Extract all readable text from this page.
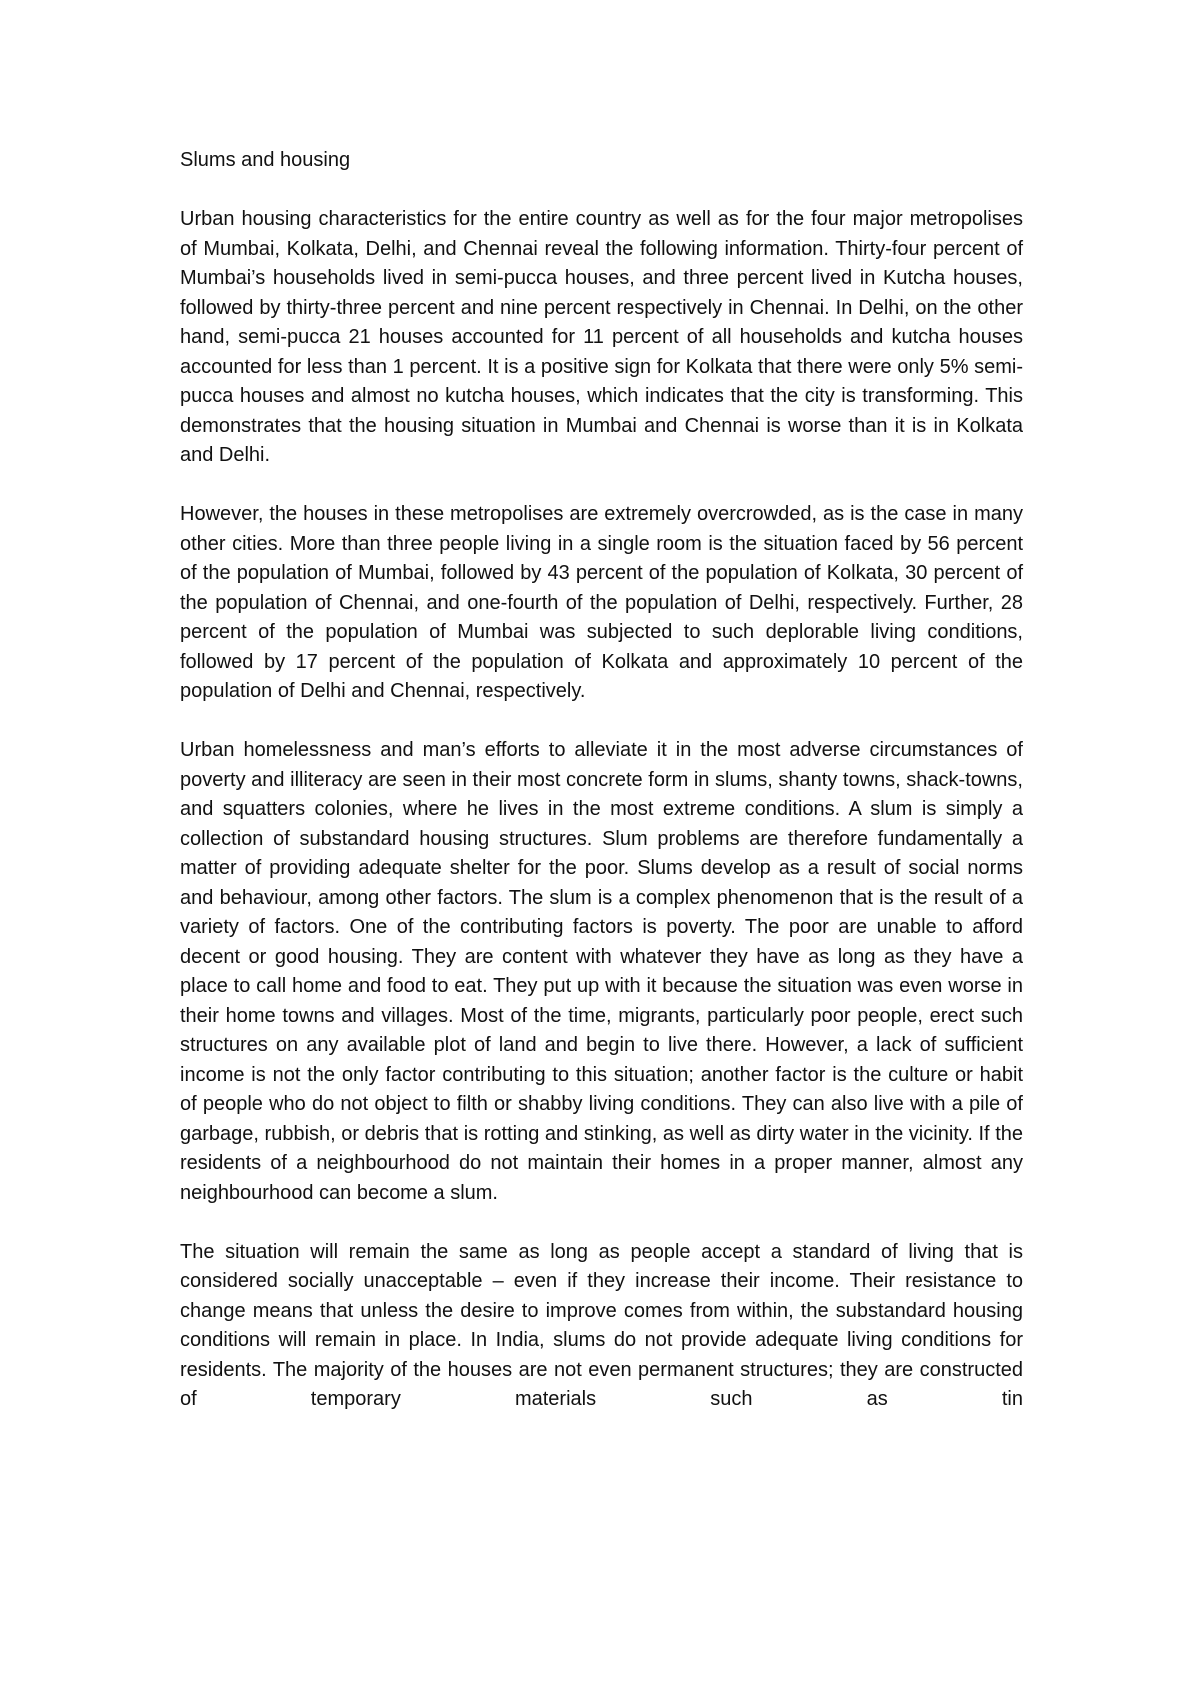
Slums and housing

Urban housing characteristics for the entire country as well as for the four major metropolises of Mumbai, Kolkata, Delhi, and Chennai reveal the following information. Thirty-four percent of Mumbai’s households lived in semi-pucca houses, and three percent lived in Kutcha houses, followed by thirty-three percent and nine percent respectively in Chennai. In Delhi, on the other hand, semi-pucca 21 houses accounted for 11 percent of all households and kutcha houses accounted for less than 1 percent. It is a positive sign for Kolkata that there were only 5% semi-pucca houses and almost no kutcha houses, which indicates that the city is transforming. This demonstrates that the housing situation in Mumbai and Chennai is worse than it is in Kolkata and Delhi.

However, the houses in these metropolises are extremely overcrowded, as is the case in many other cities. More than three people living in a single room is the situation faced by 56 percent of the population of Mumbai, followed by 43 percent of the population of Kolkata, 30 percent of the population of Chennai, and one-fourth of the population of Delhi, respectively. Further, 28 percent of the population of Mumbai was subjected to such deplorable living conditions, followed by 17 percent of the population of Kolkata and approximately 10 percent of the population of Delhi and Chennai, respectively.

Urban homelessness and man’s efforts to alleviate it in the most adverse circumstances of poverty and illiteracy are seen in their most concrete form in slums, shanty towns, shack-towns, and squatters colonies, where he lives in the most extreme conditions. A slum is simply a collection of substandard housing structures. Slum problems are therefore fundamentally a matter of providing adequate shelter for the poor. Slums develop as a result of social norms and behaviour, among other factors. The slum is a complex phenomenon that is the result of a variety of factors. One of the contributing factors is poverty. The poor are unable to afford decent or good housing. They are content with whatever they have as long as they have a place to call home and food to eat. They put up with it because the situation was even worse in their home towns and villages. Most of the time, migrants, particularly poor people, erect such structures on any available plot of land and begin to live there. However, a lack of sufficient income is not the only factor contributing to this situation; another factor is the culture or habit of people who do not object to filth or shabby living conditions. They can also live with a pile of garbage, rubbish, or debris that is rotting and stinking, as well as dirty water in the vicinity. If the residents of a neighbourhood do not maintain their homes in a proper manner, almost any neighbourhood can become a slum.

The situation will remain the same as long as people accept a standard of living that is considered socially unacceptable – even if they increase their income. Their resistance to change means that unless the desire to improve comes from within, the substandard housing conditions will remain in place. In India, slums do not provide adequate living conditions for residents. The majority of the houses are not even permanent structures; they are constructed of temporary materials such as tin
